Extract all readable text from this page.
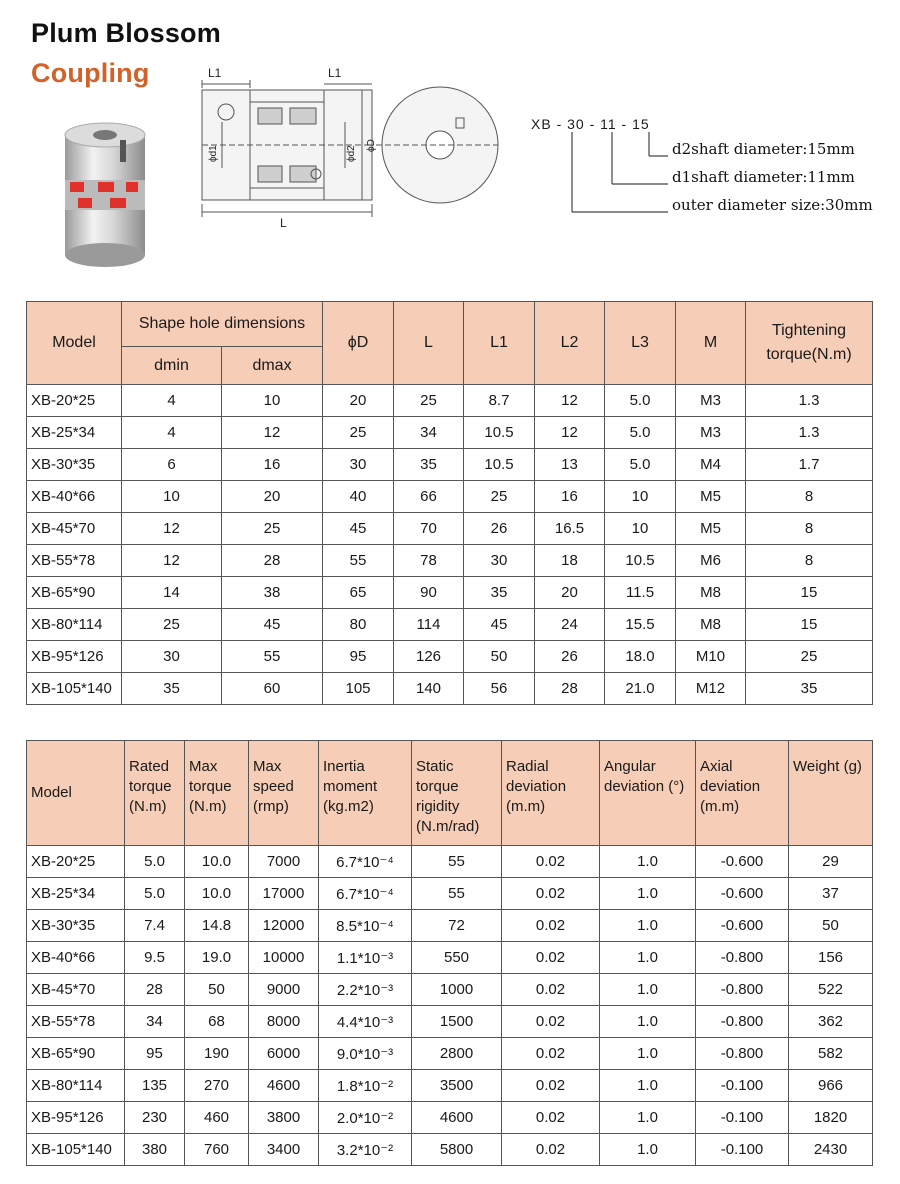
Plum Blossom
Coupling	L1	L1
L
ϕd1	ϕd2 ϕD
XB - 30 - 11 - 15
d2shaft diameter:15mm
d1shaft diameter:11mm
outer diameter size:30mm
Model	Shape hole dimensions		ϕD	L	L1	L2	L3	M	Tightening torque(N.m)
	dmin	dmax							
XB-20*25	4	10	20	25	8.7	12	5.0	M3	1.3
XB-25*34	4	12	25	34	10.5	12	5.0	M3	1.3
XB-30*35	6	16	30	35	10.5	13	5.0	M4	1.7
XB-40*66	10	20	40	66	25	16	10	M5	8
XB-45*70	12	25	45	70	26	16.5	10	M5	8
XB-55*78	12	28	55	78	30	18	10.5	M6	8
XB-65*90	14	38	65	90	35	20	11.5	M8	15
XB-80*114	25	45	80	114	45	24	15.5	M8	15
XB-95*126	30	55	95	126	50	26	18.0	M10	25
XB-105*140	35	60	105	140	56	28	21.0	M12	35
Model	Rated torque (N.m)	Max torque (N.m)	Max speed (rmp)	Inertia moment (kg.m2)	Static torque rigidity (N.m/rad)	Radial deviation (m.m)	Angular deviation (°)	Axial deviation (m.m)	Weight (g)
XB-20*25	5.0	10.0	7000	6.7*10⁻⁴	55	0.02	1.0	-0.600	29
XB-25*34	5.0	10.0	17000	6.7*10⁻⁴	55	0.02	1.0	-0.600	37
XB-30*35	7.4	14.8	12000	8.5*10⁻⁴	72	0.02	1.0	-0.600	50
XB-40*66	9.5	19.0	10000	1.1*10⁻³	550	0.02	1.0	-0.800	156
XB-45*70	28	50	9000	2.2*10⁻³	1000	0.02	1.0	-0.800	522
XB-55*78	34	68	8000	4.4*10⁻³	1500	0.02	1.0	-0.800	362
XB-65*90	95	190	6000	9.0*10⁻³	2800	0.02	1.0	-0.800	582
XB-80*114	135	270	4600	1.8*10⁻²	3500	0.02	1.0	-0.100	966
XB-95*126	230	460	3800	2.0*10⁻²	4600	0.02	1.0	-0.100	1820
XB-105*140	380	760	3400	3.2*10⁻²	5800	0.02	1.0	-0.100	2430
